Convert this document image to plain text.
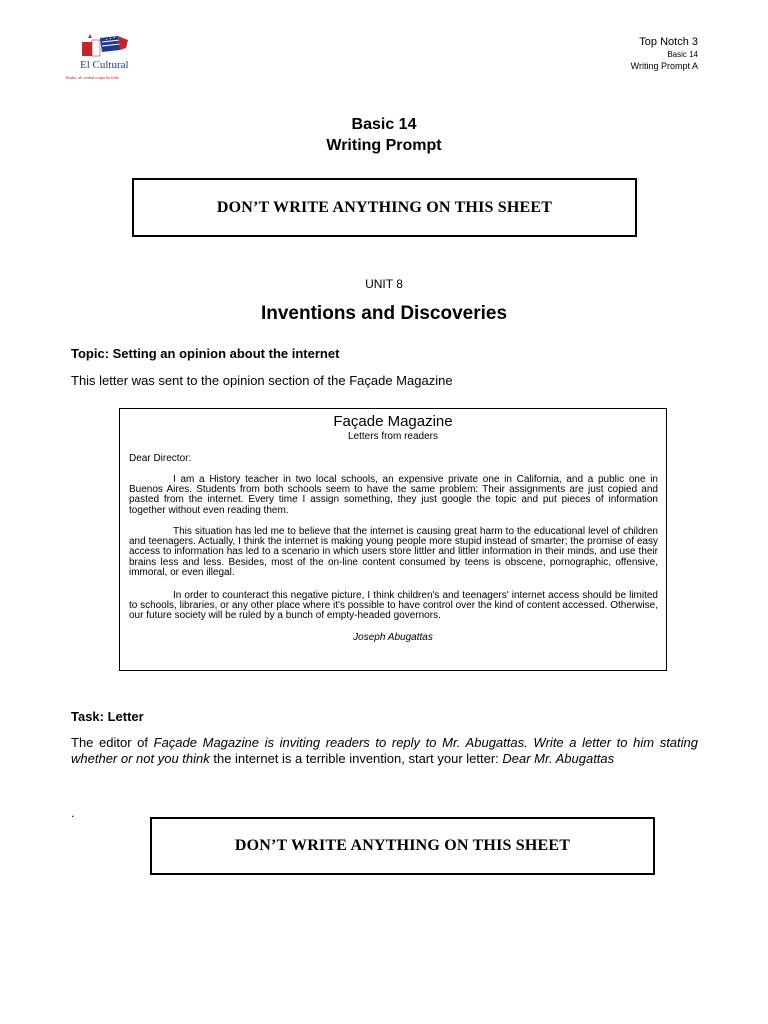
El Cultural
Rodas: de verdad a aquí ha leído
Top Notch 3
Basic 14
Writing Prompt A
Basic 14
Writing Prompt
DON’T WRITE ANYTHING ON THIS SHEET
UNIT 8
Inventions and Discoveries
Topic: Setting an opinion about the internet
This letter was sent to the opinion section of the Façade Magazine
Façade Magazine
Letters from readers
Dear Director:

I am a History teacher in two local schools, an expensive private one in California, and a public one in Buenos Aires. Students from both schools seem to have the same problem: Their assignments are just copied and pasted from the internet. Every time I assign something, they just google the topic and put pieces of information together without even reading them.

This situation has led me to believe that the internet is causing great harm to the educational level of children and teenagers. Actually, I think the internet is making young people more stupid instead of smarter; the promise of easy access to information has led to a scenario in which users store littler and littler information in their minds, and use their brains less and less. Besides, most of the on-line content consumed by teens is obscene, pornographic, offensive, immoral, or even illegal.

In order to counteract this negative picture, I think children's and teenagers' internet access should be limited to schools, libraries, or any other place where it's possible to have control over the kind of content accessed. Otherwise, our future society will be ruled by a bunch of empty-headed governors.

Joseph Abugattas
Task: Letter

The editor of Façade Magazine is inviting readers to reply to Mr. Abugattas. Write a letter to him stating whether or not you think the internet is a terrible invention, start your letter: Dear Mr. Abugattas

.
DON’T WRITE ANYTHING ON THIS SHEET
